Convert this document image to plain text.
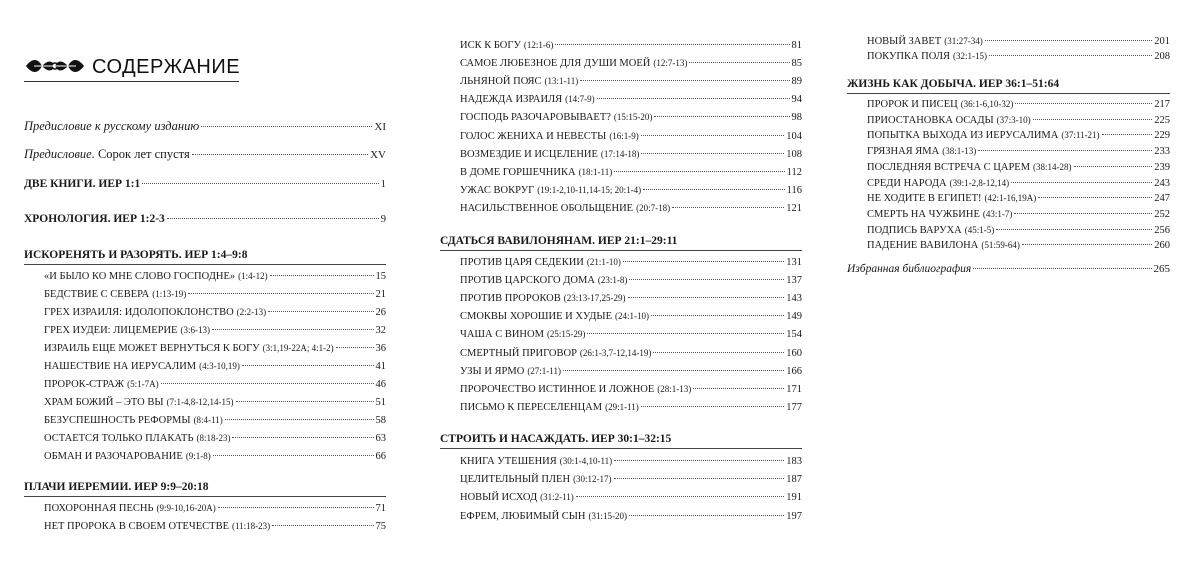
СОДЕРЖАНИЕ
Предисловие к русскому изданию	XI
Предисловие. Сорок лет спустя	XV
ДВЕ КНИГИ. ИЕР 1:1	1
ХРОНОЛОГИЯ. ИЕР 1:2-3	9
ИСКОРЕНЯТЬ И РАЗОРЯТЬ. ИЕР 1:4–9:8
ПЛАЧИ ИЕРЕМИИ. ИЕР 9:9–20:18
«И БЫЛО КО МНЕ СЛОВО ГОСПОДНЕ» (1:4-12)	15
БЕДСТВИЕ С СЕВЕРА (1:13-19)	21
ГРЕХ ИЗРАИЛЯ: ИДОЛОПОКЛОНСТВО (2:2-13)	26
ГРЕХ ИУДЕИ: ЛИЦЕМЕРИЕ (3:6-13)	32
ИЗРАИЛЬ ЕЩЕ МОЖЕТ ВЕРНУТЬСЯ К БОГУ (3:1,19-22A; 4:1-2)	36
НАШЕСТВИЕ НА ИЕРУСАЛИМ (4:3-10,19)	41
ПРОРОК-СТРАЖ (5:1-7A)	46
ХРАМ БОЖИЙ – ЭТО ВЫ (7:1-4,8-12,14-15)	51
БЕЗУСПЕШНОСТЬ РЕФОРМЫ (8:4-11)	58
ОСТАЕТСЯ ТОЛЬКО ПЛАКАТЬ (8:18-23)	63
ОБМАН И РАЗОЧАРОВАНИЕ (9:1-8)	66
ПОХОРОННАЯ ПЕСНЬ (9:9-10,16-20A)	71
НЕТ ПРОРОКА В СВОЕМ ОТЕЧЕСТВЕ (11:18-23)	75
СДАТЬСЯ ВАВИЛОНЯНАМ. ИЕР 21:1–29:11
СТРОИТЬ И НАСАЖДАТЬ. ИЕР 30:1–32:15
ИСК К БОГУ (12:1-6)	81
САМОЕ ЛЮБЕЗНОЕ ДЛЯ ДУШИ МОЕЙ (12:7-13)	85
ЛЬНЯНОЙ ПОЯС (13:1-11)	89
НАДЕЖДА ИЗРАИЛЯ (14:7-9)	94
ГОСПОДЬ РАЗОЧАРОВЫВАЕТ? (15:15-20)	98
ГОЛОС ЖЕНИХА И НЕВЕСТЫ (16:1-9)	104
ВОЗМЕЗДИЕ И ИСЦЕЛЕНИЕ (17:14-18)	108
В ДОМЕ ГОРШЕЧНИКА (18:1-11)	112
УЖАС ВОКРУГ (19:1-2,10-11,14-15; 20:1-4)	116
НАСИЛЬСТВЕННОЕ ОБОЛЬЩЕНИЕ (20:7-18)	121
ПРОТИВ ЦАРЯ СЕДЕКИИ (21:1-10)	131
ПРОТИВ ЦАРСКОГО ДОМА (23:1-8)	137
ПРОТИВ ПРОРОКОВ (23:13-17,25-29)	143
СМОКВЫ ХОРОШИЕ И ХУДЫЕ (24:1-10)	149
ЧАША С ВИНОМ (25:15-29)	154
СМЕРТНЫЙ ПРИГОВОР (26:1-3,7-12,14-19)	160
УЗЫ И ЯРМО (27:1-11)	166
ПРОРОЧЕСТВО ИСТИННОЕ И ЛОЖНОЕ (28:1-13)	171
ПИСЬМО К ПЕРЕСЕЛЕНЦАМ (29:1-11)	177
КНИГА УТЕШЕНИЯ (30:1-4,10-11)	183
ЦЕЛИТЕЛЬНЫЙ ПЛЕН (30:12-17)	187
НОВЫЙ ИСХОД (31:2-11)	191
ЕФРЕМ, ЛЮБИМЫЙ СЫН (31:15-20)	197
ЖИЗНЬ КАК ДОБЫЧА. ИЕР 36:1–51:64
Избранная библиография	265
НОВЫЙ ЗАВЕТ (31:27-34)	201
ПОКУПКА ПОЛЯ (32:1-15)	208
ПРОРОК И ПИСЕЦ (36:1-6,10-32)	217
ПРИОСТАНОВКА ОСАДЫ (37:3-10)	225
ПОПЫТКА ВЫХОДА ИЗ ИЕРУСАЛИМА (37:11-21)	229
ГРЯЗНАЯ ЯМА (38:1-13)	233
ПОСЛЕДНЯЯ ВСТРЕЧА С ЦАРЕМ (38:14-28)	239
СРЕДИ НАРОДА (39:1-2,8-12,14)	243
НЕ ХОДИТЕ В ЕГИПЕТ! (42:1-16,19A)	247
СМЕРТЬ НА ЧУЖБИНЕ (43:1-7)	252
ПОДПИСЬ ВАРУХА (45:1-5)	256
ПАДЕНИЕ ВАВИЛОНА (51:59-64)	260
